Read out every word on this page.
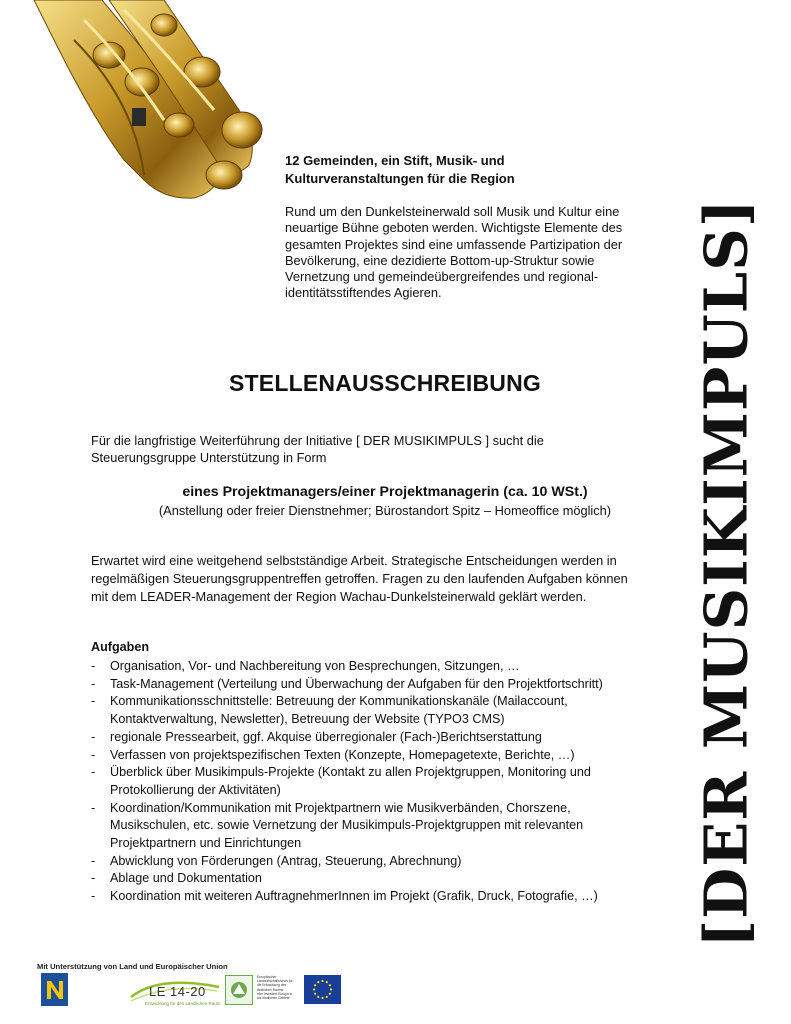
12 Gemeinden, ein Stift, Musik- und
Kulturveranstaltungen für die Region

Rund um den Dunkelsteinerwald soll Musik und Kultur eine
neuartige Bühne geboten werden. Wichtigste Elemente des
gesamten Projektes sind eine umfassende Partizipation der
Bevölkerung, eine dezidierte Bottom-up-Struktur sowie
Vernetzung und gemeindeübergreifendes und regional-
identitätsstiftendes Agieren.

STELLENAUSSCHREIBUNG
Für die langfristige Weiterführung der Initiative [ DER MUSIKIMPULS ] sucht die
Steuerungsgruppe Unterstützung in Form
eines Projektmanagers/einer Projektmanagerin (ca. 10 WSt.)
(Anstellung oder freier Dienstnehmer; Bürostandort Spitz – Homeoffice möglich)
Erwartet wird eine weitgehend selbstständige Arbeit. Strategische Entscheidungen werden in
regelmäßigen Steuerungsgruppentreffen getroffen. Fragen zu den laufenden Aufgaben können
mit dem LEADER-Management der Region Wachau-Dunkelsteinerwald geklärt werden.
Aufgaben
- Organisation, Vor- und Nachbereitung von Besprechungen, Sitzungen, …
- Task-Management (Verteilung und Überwachung der Aufgaben für den Projektfortschritt)
- Kommunikationsschnittstelle: Betreuung der Kommunikationskanäle (Mailaccount,
Kontaktverwaltung, Newsletter), Betreuung der Website (TYPO3 CMS)
- regionale Pressearbeit, ggf. Akquise überregionaler (Fach-)Berichtserstattung
- Verfassen von projektspezifischen Texten (Konzepte, Homepagetexte, Berichte, …)
- Überblick über Musikimpuls-Projekte (Kontakt zu allen Projektgruppen, Monitoring und
Protokollierung der Aktivitäten)
- Koordination/Kommunikation mit Projektpartnern wie Musikverbänden, Chorszene,
Musikschulen, etc. sowie Vernetzung der Musikimpuls-Projektgruppen mit relevanten
Projektpartnern und Einrichtungen
- Abwicklung von Förderungen (Antrag, Steuerung, Abrechnung)
- Ablage und Dokumentation
- Koordination mit weiteren AuftragnehmerInnen im Projekt (Grafik, Druck, Fotografie, …)	[DER MUSIKIMPULS]
Mit Unterstützung von Land und Europäischer Union
LE 14-20
Entwicklung für den Ländlichen Raum
Europäischer
Landwirtschaftsfonds für
die Entwicklung des
ländlichen Raums:
Hier investiert Europa in
die ländlichen Gebiete
